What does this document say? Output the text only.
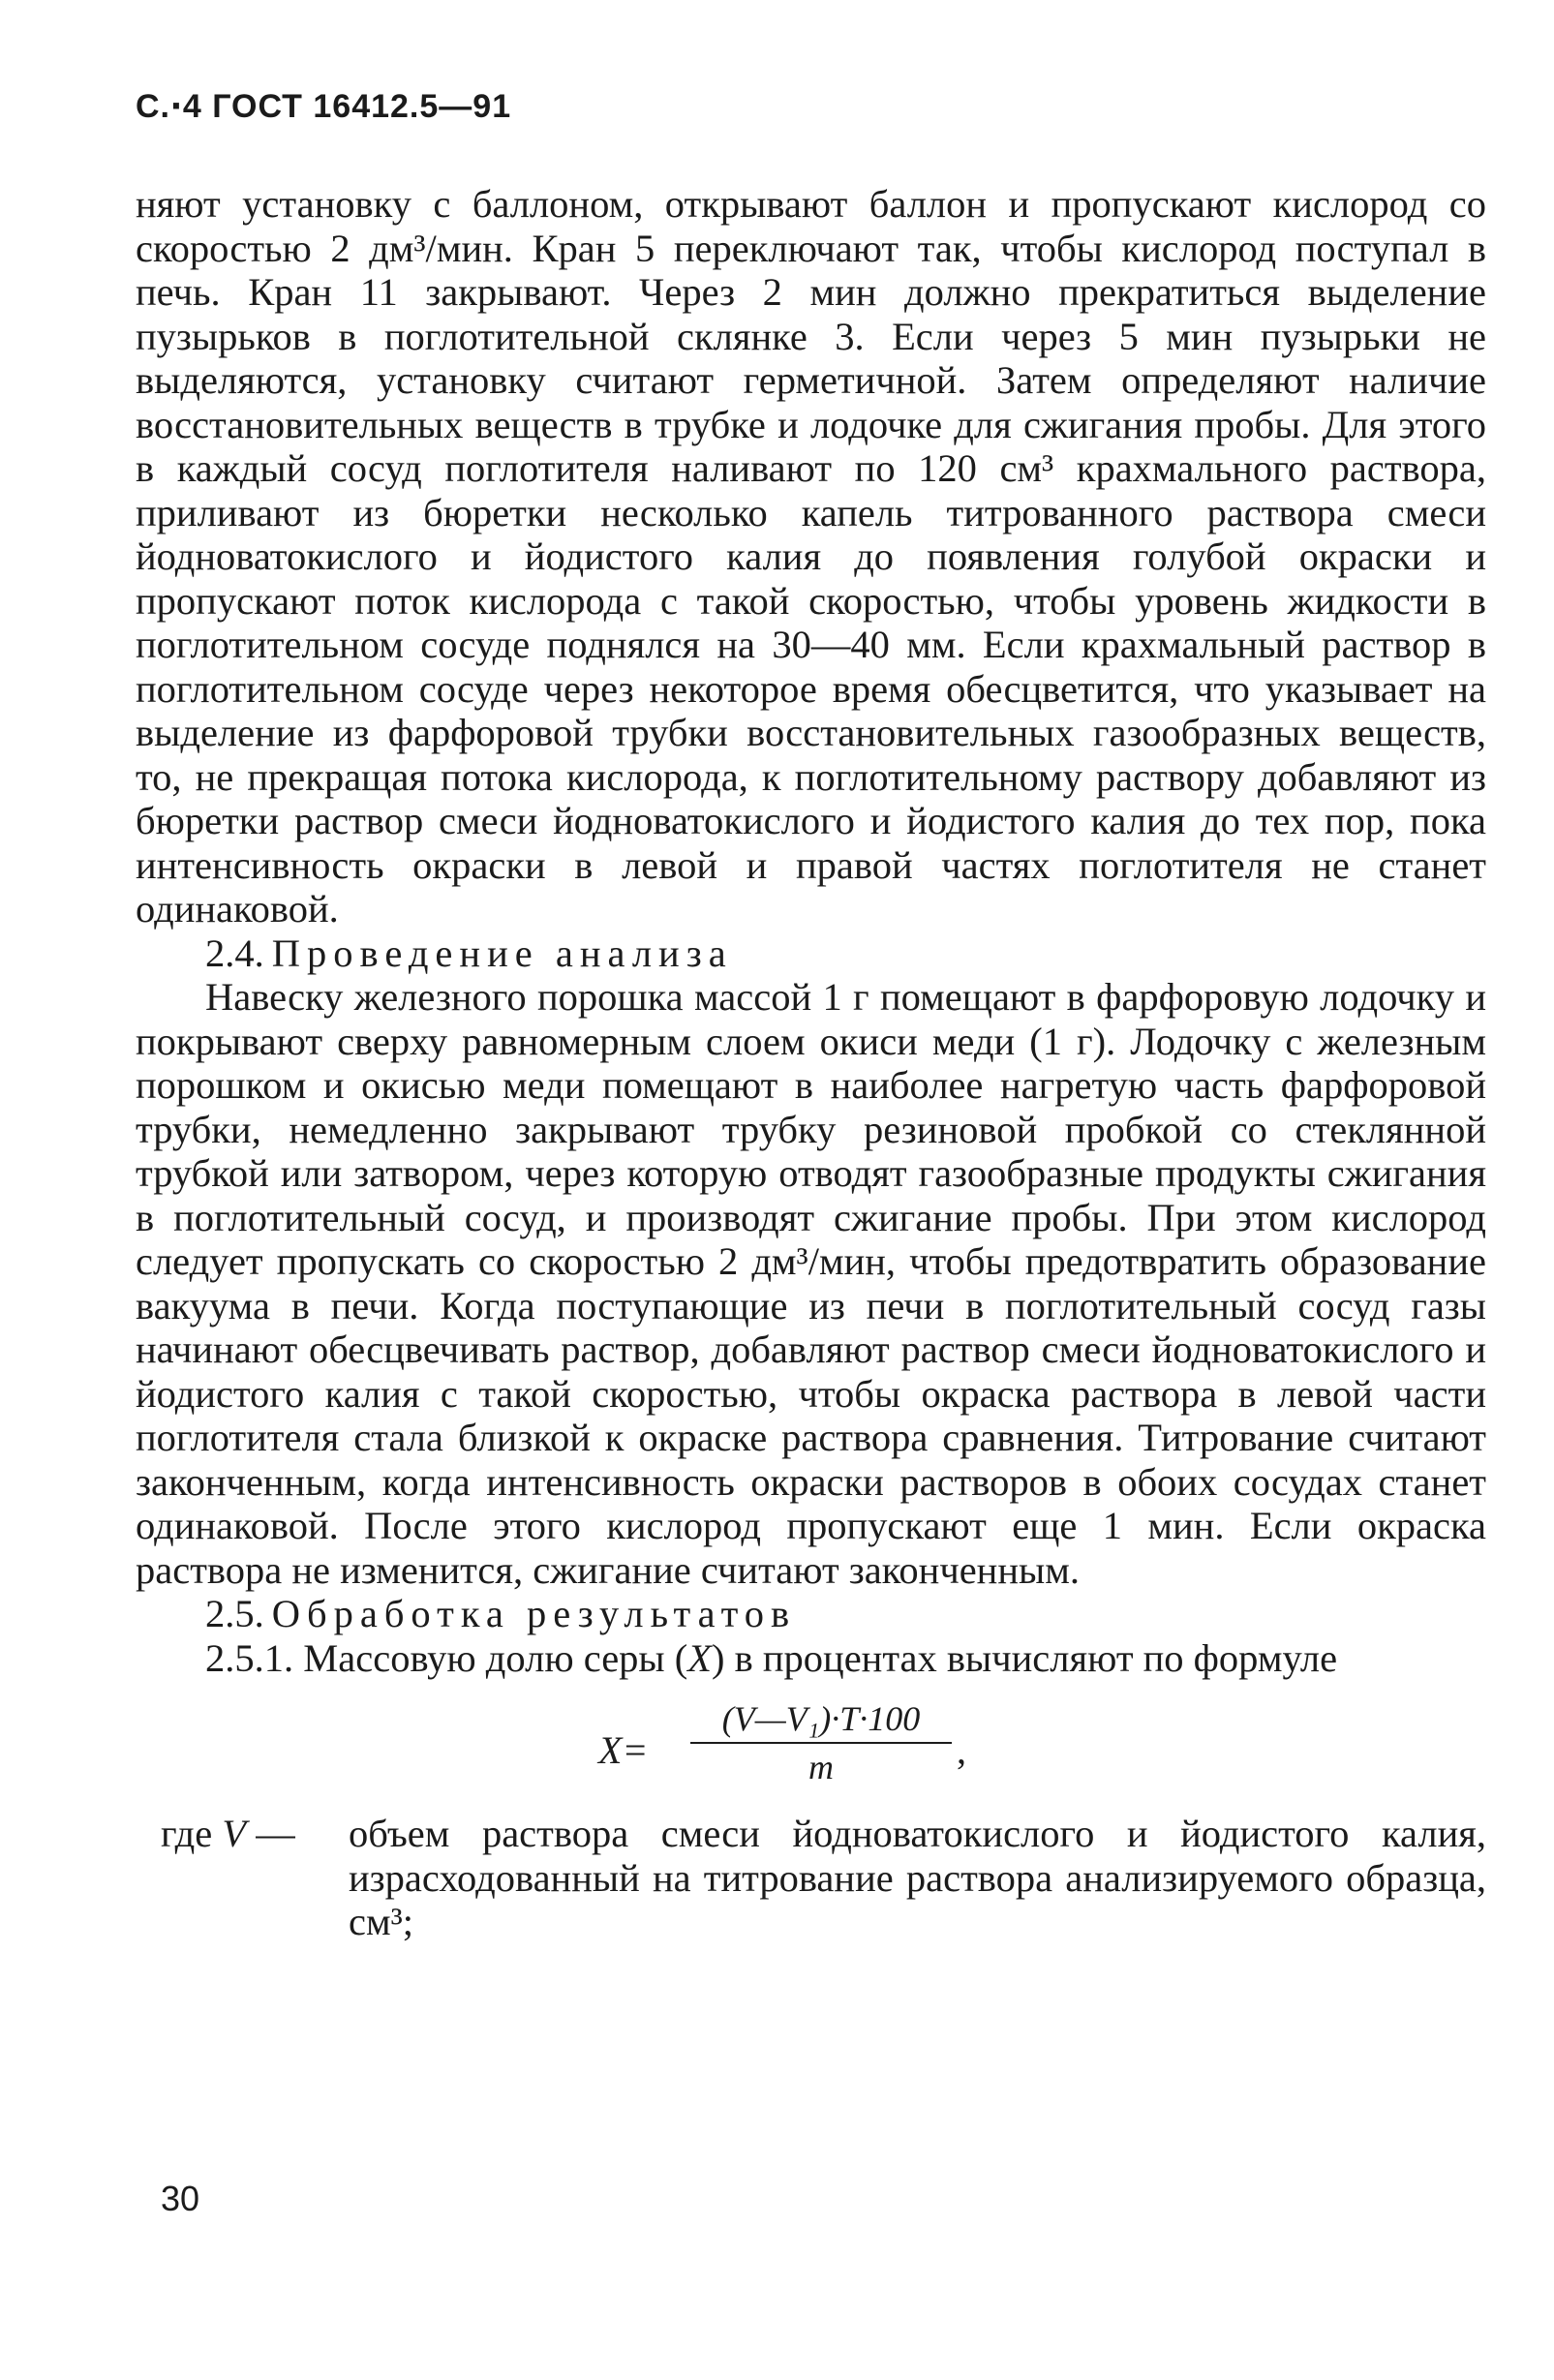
С.‧4 ГОСТ 16412.5—91

няют установку с баллоном, открывают баллон и пропускают кислород со скоростью 2 дм³/мин. Кран 5 переключают так, чтобы кислород поступал в печь. Кран 11 закрывают. Через 2 мин должно прекратиться выделение пузырьков в поглотительной склянке 3. Если через 5 мин пузырьки не выделяются, установку считают герметичной. Затем определяют наличие восстановительных веществ в трубке и лодочке для сжигания пробы. Для этого в каждый сосуд поглотителя наливают по 120 см³ крахмального раствора, приливают из бюретки несколько капель титрованного раствора смеси йодноватокислого и йодистого калия до появления голубой окраски и пропускают поток кислорода с такой скоростью, чтобы уровень жидкости в поглотительном сосуде поднялся на 30—40 мм. Если крахмальный раствор в поглотительном сосуде через некоторое время обесцветится, что указывает на выделение из фарфоровой трубки восстановительных газообразных веществ, то, не прекращая потока кислорода, к поглотительному раствору добавляют из бюретки раствор смеси йодноватокислого и йодистого калия до тех пор, пока интенсивность окраски в левой и правой частях поглотителя не станет одинаковой.

2.4. Проведение анализа

Навеску железного порошка массой 1 г помещают в фарфоровую лодочку и покрывают сверху равномерным слоем окиси меди (1 г). Лодочку с железным порошком и окисью меди помещают в наиболее нагретую часть фарфоровой трубки, немедленно закрывают трубку резиновой пробкой со стеклянной трубкой или затвором, через которую отводят газообразные продукты сжигания в поглотительный сосуд, и производят сжигание пробы. При этом кислород следует пропускать со скоростью 2 дм³/мин, чтобы предотвратить образование вакуума в печи. Когда поступающие из печи в поглотительный сосуд газы начинают обесцвечивать раствор, добавляют раствор смеси йодноватокислого и йодистого калия с такой скоростью, чтобы окраска раствора в левой части поглотителя стала близкой к окраске раствора сравнения. Титрование считают законченным, когда интенсивность окраски растворов в обоих сосудах станет одинаковой. После этого кислород пропускают еще 1 мин. Если окраска раствора не изменится, сжигание считают законченным.

2.5. Обработка результатов

2.5.1. Массовую долю серы (X) в процентах вычисляют по формуле

X=
(V—V₁)·T·100
m	,
где V — объем раствора смеси йодноватокислого и йодистого калия, израсходованный на титрование раствора анализируемого образца, см³;
30
